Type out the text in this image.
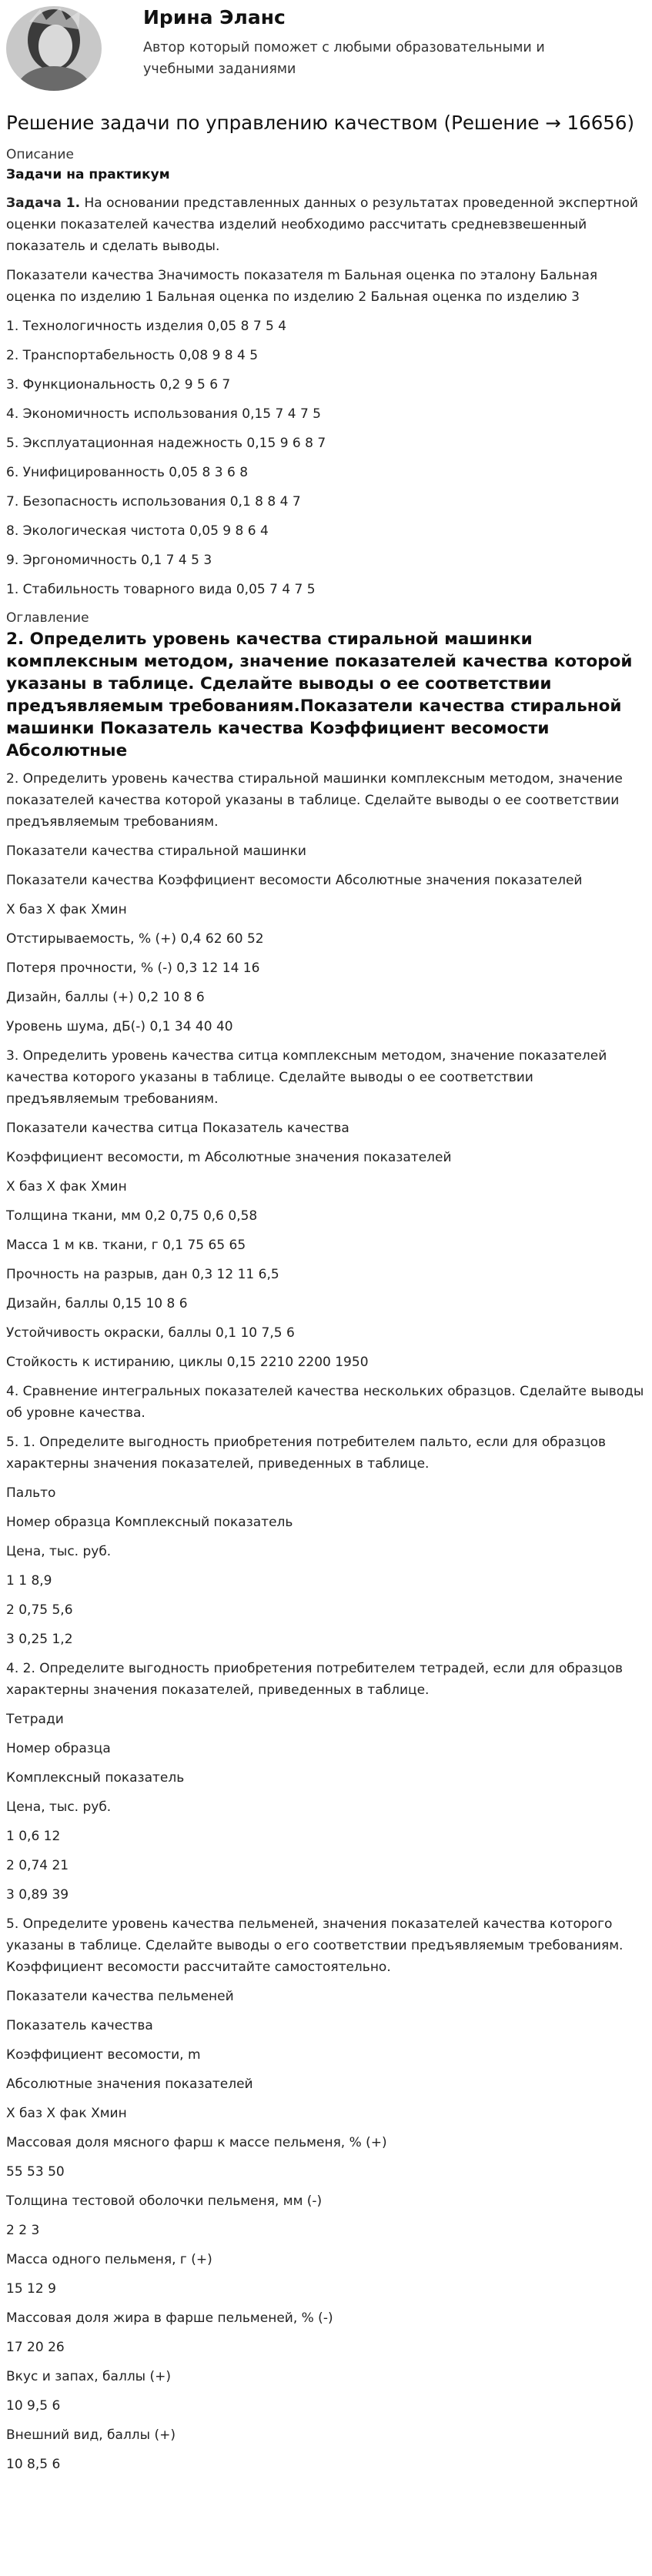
Ирина Эланс

Автор который поможет с любыми образовательными и учебными заданиями

Решение задачи по управлению качеством (Решение → 16656)

Описание

Задачи на практикум

Задача 1. На основании представленных данных о результатах проведенной экспертной оценки показателей качества изделий необходимо рассчитать средневзвешенный показатель и сделать выводы.

Показатели качества Значимость показателя m Бальная оценка по эталону Бальная оценка по изделию 1 Бальная оценка по изделию 2 Бальная оценка по изделию 3

1. Технологичность изделия 0,05 8 7 5 4

2. Транспортабельность 0,08 9 8 4 5

3. Функциональность 0,2 9 5 6 7

4. Экономичность использования 0,15 7 4 7 5

5. Эксплуатационная надежность 0,15 9 6 8 7

6. Унифицированность 0,05 8 3 6 8

7. Безопасность использования 0,1 8 8 4 7

8. Экологическая чистота 0,05 9 8 6 4

9. Эргономичность 0,1 7 4 5 3

1. Стабильность товарного вида 0,05 7 4 7 5

Оглавление

2. Определить уровень качества стиральной машинки комплексным методом, значение показателей качества которой указаны в таблице. Сделайте выводы о ее соответствии предъявляемым требованиям.Показатели качества стиральной машинки Показатель качества Коэффициент весомости Абсолютные

2. Определить уровень качества стиральной машинки комплексным методом, значение показателей качества которой указаны в таблице. Сделайте выводы о ее соответствии предъявляемым требованиям.

Показатели качества стиральной машинки

Показатели качества Коэффициент весомости Абсолютные значения показателей

Х баз Х фак Хмин

Отстирываемость, % (+) 0,4 62 60 52

Потеря прочности, % (-) 0,3 12 14 16

Дизайн, баллы (+) 0,2 10 8 6

Уровень шума, дБ(-) 0,1 34 40 40

3. Определить уровень качества ситца комплексным методом, значение показателей качества которого указаны в таблице. Сделайте выводы о ее соответствии предъявляемым требованиям.

Показатели качества ситца Показатель качества

Коэффициент весомости, m Абсолютные значения показателей

Х баз Х фак Хмин

Толщина ткани, мм 0,2 0,75 0,6 0,58

Масса 1 м кв. ткани, г 0,1 75 65 65

Прочность на разрыв, дан 0,3 12 11 6,5

Дизайн, баллы 0,15 10 8 6

Устойчивость окраски, баллы 0,1 10 7,5 6

Стойкость к истиранию, циклы 0,15 2210 2200 1950

4. Сравнение интегральных показателей качества нескольких образцов. Сделайте выводы об уровне качества.

5. 1. Определите выгодность приобретения потребителем пальто, если для образцов характерны значения показателей, приведенных в таблице.

Пальто

Номер образца Комплексный показатель

Цена, тыс. руб.

1 1 8,9

2 0,75 5,6

3 0,25 1,2

4. 2. Определите выгодность приобретения потребителем тетрадей, если для образцов характерны значения показателей, приведенных в таблице.

Тетради

Номер образца

Комплексный показатель

Цена, тыс. руб.

1 0,6 12

2 0,74 21

3 0,89 39

5. Определите уровень качества пельменей, значения показателей качества которого указаны в таблице. Сделайте выводы о его соответствии предъявляемым требованиям. Коэффициент весомости рассчитайте самостоятельно.

Показатели качества пельменей

Показатель качества

Коэффициент весомости, m

Абсолютные значения показателей

Х баз Х фак Хмин

Массовая доля мясного фарш к массе пельменя, % (+)

55 53 50

Толщина тестовой оболочки пельменя, мм (-)

2 2 3

Масса одного пельменя, г (+)

15 12 9

Массовая доля жира в фарше пельменей, % (-)

17 20 26

Вкус и запах, баллы (+)

10 9,5 6

Внешний вид, баллы (+)

10 8,5 6
